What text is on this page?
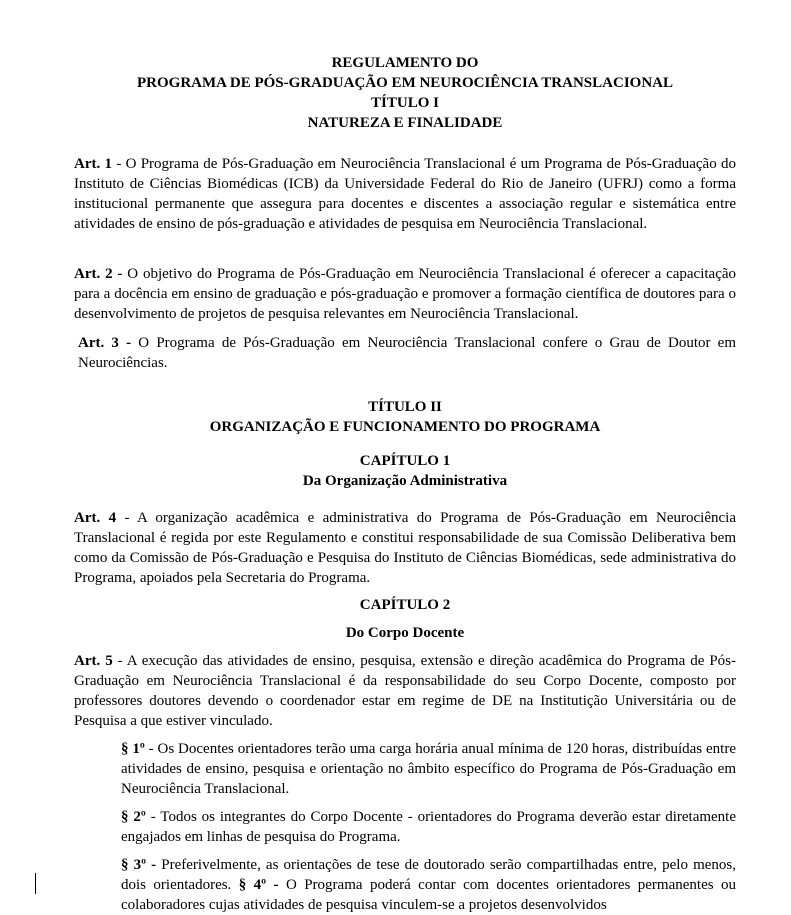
REGULAMENTO DO
PROGRAMA DE PÓS-GRADUAÇÃO EM NEUROCIÊNCIA TRANSLACIONAL
TÍTULO I
NATUREZA E FINALIDADE

Art. 1 - O Programa de Pós-Graduação em Neurociência Translacional é um Programa de Pós-Graduação do Instituto de Ciências Biomédicas (ICB) da Universidade Federal do Rio de Janeiro (UFRJ) como a forma institucional permanente que assegura para docentes e discentes a associação regular e sistemática entre atividades de ensino de pós-graduação e atividades de pesquisa em Neurociência Translacional.

Art. 2 - O objetivo do Programa de Pós-Graduação em Neurociência Translacional é oferecer a capacitação para a docência em ensino de graduação e pós-graduação e promover a formação científica de doutores para o desenvolvimento de projetos de pesquisa relevantes em Neurociência Translacional.

Art. 3 - O Programa de Pós-Graduação em Neurociência Translacional confere o Grau de Doutor em Neurociências.

TÍTULO II
ORGANIZAÇÃO E FUNCIONAMENTO DO PROGRAMA
CAPÍTULO 1
Da Organização Administrativa

Art. 4 - A organização acadêmica e administrativa do Programa de Pós-Graduação em Neurociência Translacional é regida por este Regulamento e constitui responsabilidade de sua Comissão Deliberativa bem como da Comissão de Pós-Graduação e Pesquisa do Instituto de Ciências Biomédicas, sede administrativa do Programa, apoiados pela Secretaria do Programa.

CAPÍTULO 2
Do Corpo Docente

Art. 5 - A execução das atividades de ensino, pesquisa, extensão e direção acadêmica do Programa de Pós-Graduação em Neurociência Translacional é da responsabilidade do seu Corpo Docente, composto por professores doutores devendo o coordenador estar em regime de DE na Institutição Universitária ou de Pesquisa a que estiver vinculado.

§ 1º - Os Docentes orientadores terão uma carga horária anual mínima de 120 horas, distribuídas entre atividades de ensino, pesquisa e orientação no âmbito específico do Programa de Pós-Graduação em Neurociência Translacional.

§ 2º - Todos os integrantes do Corpo Docente - orientadores do Programa deverão estar diretamente engajados em linhas de pesquisa do Programa.

§ 3º - Preferivelmente, as orientações de tese de doutorado serão compartilhadas entre, pelo menos, dois orientadores. § 4º - O Programa poderá contar com docentes orientadores permanentes ou colaboradores cujas atividades de pesquisa vinculem-se a projetos desenvolvidos
